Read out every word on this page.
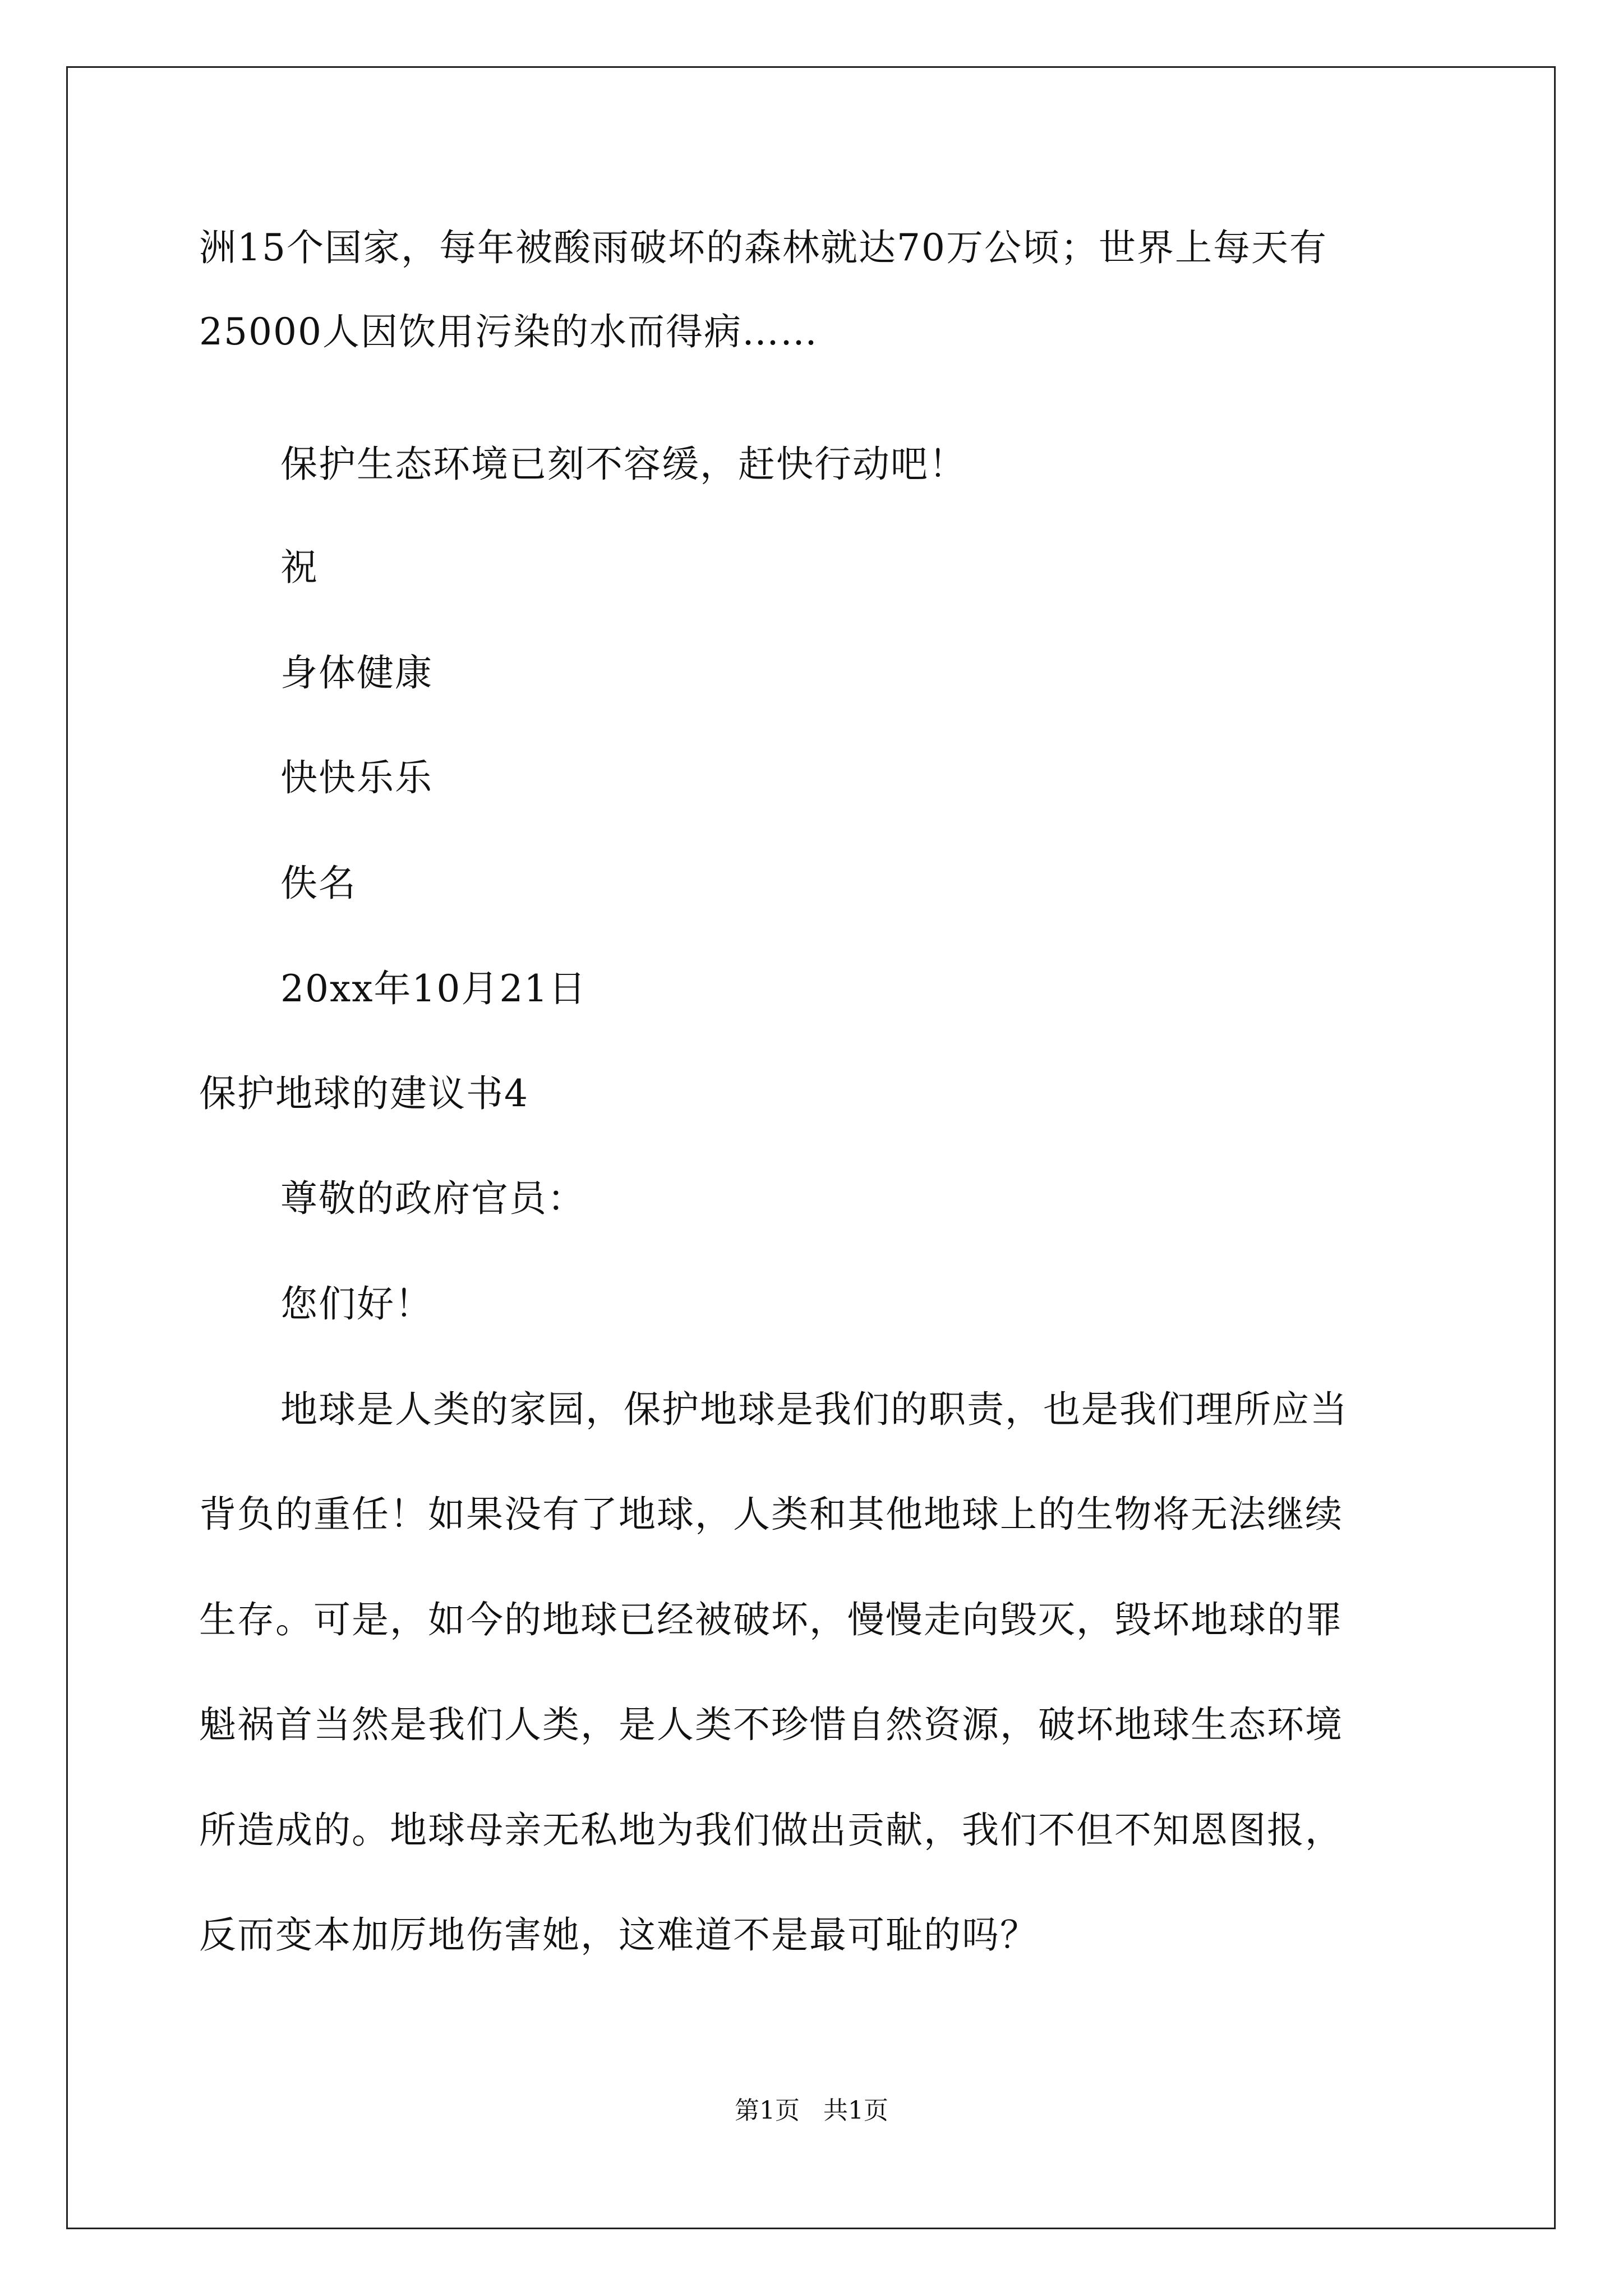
洲15个国家，每年被酸雨破坏的森林就达70万公顷；世界上每天有
25000人因饮用污染的水而得病……
保护生态环境已刻不容缓，赶快行动吧！
祝
身体健康
快快乐乐
佚名
20xx年10月21日
保护地球的建议书4
尊敬的政府官员：
您们好！
地球是人类的家园，保护地球是我们的职责，也是我们理所应当
背负的重任！如果没有了地球，人类和其他地球上的生物将无法继续
生存。可是，如今的地球已经被破坏，慢慢走向毁灭，毁坏地球的罪
魁祸首当然是我们人类，是人类不珍惜自然资源，破坏地球生态环境
所造成的。地球母亲无私地为我们做出贡献，我们不但不知恩图报，
反而变本加厉地伤害她，这难道不是最可耻的吗？
第1页   共1页
